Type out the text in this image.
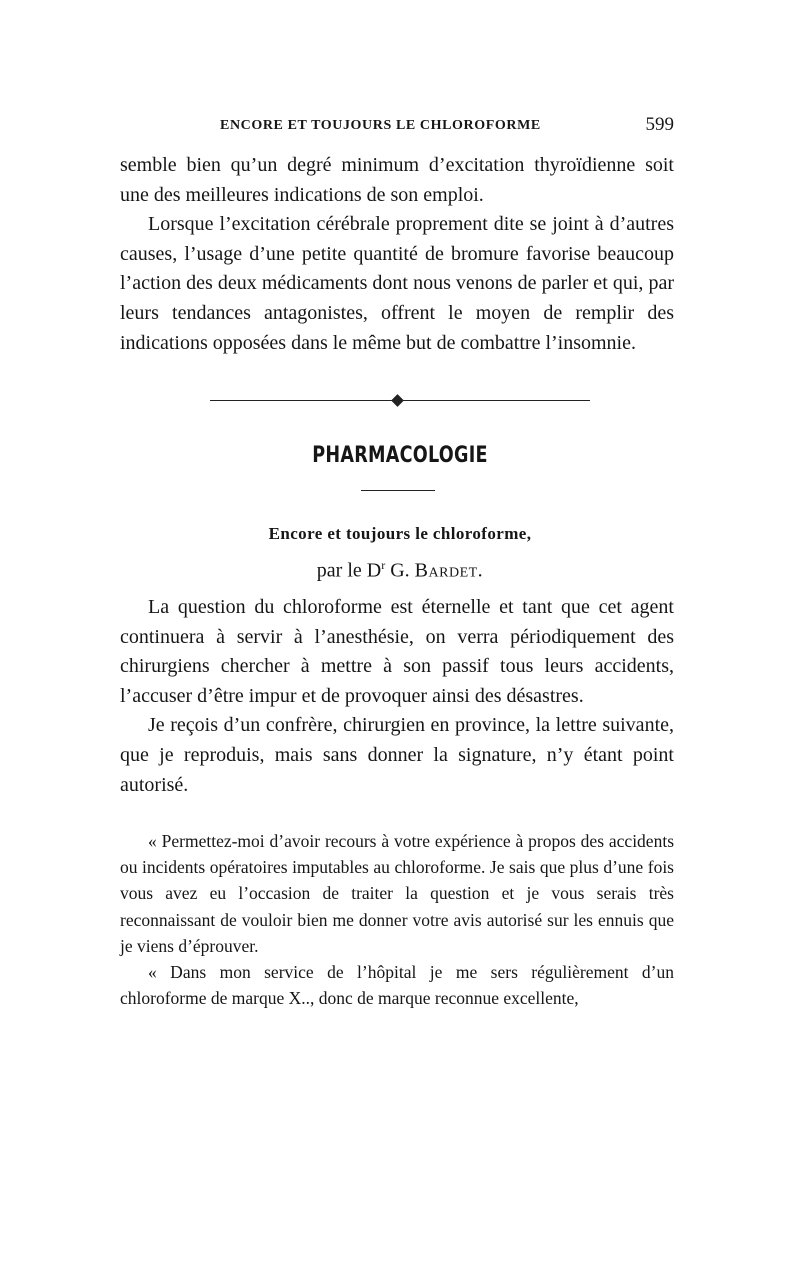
ENCORE ET TOUJOURS LE CHLOROFORME	599

semble bien qu’un degré minimum d’excitation thyroïdienne soit une des meilleures indications de son emploi.

Lorsque l’excitation cérébrale proprement dite se joint à d’autres causes, l’usage d’une petite quantité de bromure favorise beaucoup l’action des deux médicaments dont nous venons de parler et qui, par leurs tendances antagonistes, offrent le moyen de remplir des indications opposées dans le même but de combattre l’insomnie.

PHARMACOLOGIE
Encore et toujours le chloroforme,
par le $D^r$ G. Bardet.

La question du chloroforme est éternelle et tant que cet agent continuera à servir à l’anesthésie, on verra périodiquement des chirurgiens chercher à mettre à son passif tous leurs accidents, l’accuser d’être impur et de provoquer ainsi des désastres.

Je reçois d’un confrère, chirurgien en province, la lettre suivante, que je reproduis, mais sans donner la signature, n’y étant point autorisé.

« Permettez-moi d’avoir recours à votre expérience à propos des accidents ou incidents opératoires imputables au chloroforme. Je sais que plus d’une fois vous avez eu l’occasion de traiter la question et je vous serais très reconnaissant de vouloir bien me donner votre avis autorisé sur les ennuis que je viens d’éprouver.

« Dans mon service de l’hôpital je me sers régulièrement d’un chloroforme de marque X.., donc de marque reconnue excellente,
